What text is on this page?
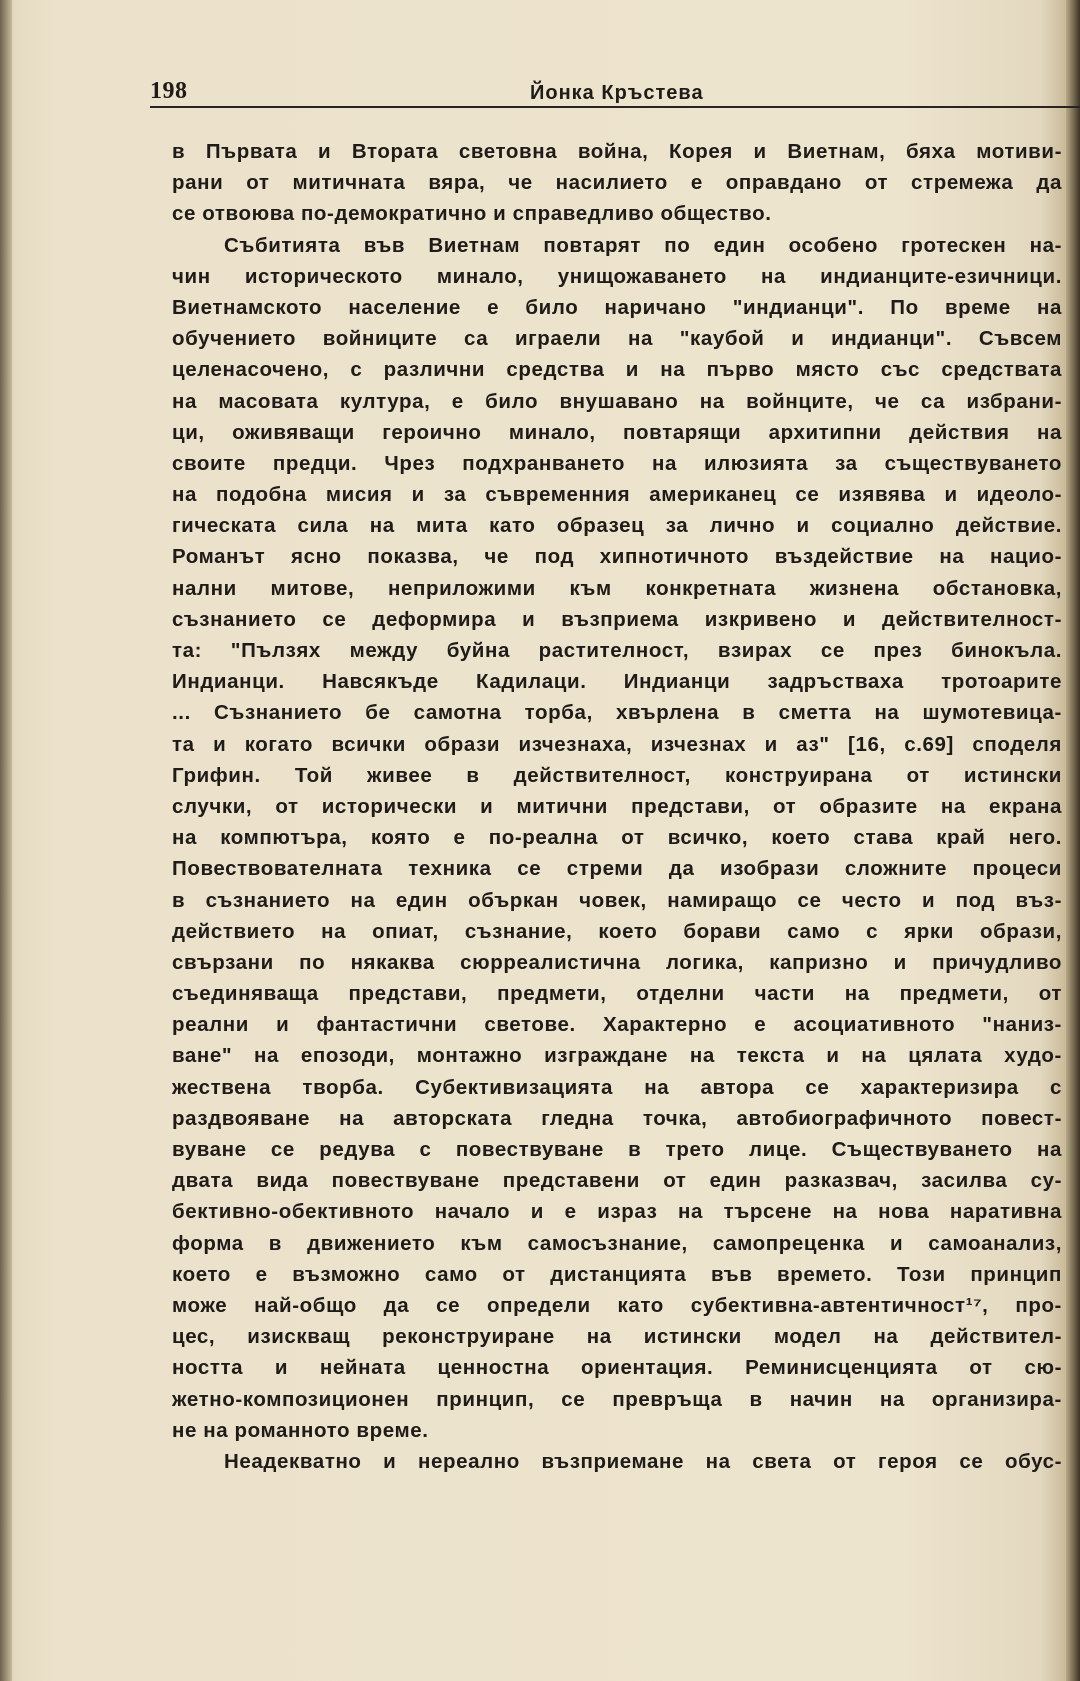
198	Йонка Кръстева
в Първата и Втората световна война, Корея и Виетнам, бяха мотиви-
рани от митичната вяра, че насилието е оправдано от стремежа да
се отвоюва по-демократично и справедливо общество.
Събитията във Виетнам повтарят по един особено гротескен на-
чин историческото минало, унищожаването на индианците-езичници.
Виетнамското население е било наричано "индианци". По време на
обучението войниците са играели на "каубой и индианци". Съвсем
целенасочено, с различни средства и на първо място със средствата
на масовата култура, е било внушавано на войнците, че са избрани-
ци, оживяващи героично минало, повтарящи архитипни действия на
своите предци. Чрез подхранването на илюзията за съществуването
на подобна мисия и за съвременния американец се изявява и идеоло-
гическата сила на мита като образец за лично и социално действие.
Романът ясно показва, че под хипнотичното въздействие на нацио-
нални митове, неприложими към конкретната жизнена обстановка,
съзнанието се деформира и възприема изкривено и действителност-
та: "Пълзях между буйна растителност, взирах се през бинокъла.
Индианци. Навсякъде Кадилаци. Индианци задръстваха тротоарите
... Съзнанието бе самотна торба, хвърлена в сметта на шумотевица-
та и когато всички образи изчезнаха, изчезнах и аз" [16, с.69] споделя
Грифин. Той живее в действителност, конструирана от истински
случки, от исторически и митични представи, от образите на екрана
на компютъра, която е по-реална от всичко, което става край него.
Повествователната техника се стреми да изобрази сложните процеси
в съзнанието на един объркан човек, намиращо се често и под въз-
действието на опиат, съзнание, което борави само с ярки образи,
свързани по някаква сюрреалистична логика, капризно и причудливо
съединяваща представи, предмети, отделни части на предмети, от
реални и фантастични светове. Характерно е асоциативното "наниз-
ване" на епозоди, монтажно изграждане на текста и на цялата худо-
жествена творба. Субективизацията на автора се характеризира с
раздвояване на авторската гледна точка, автобиографичното повест-
вуване се редува с повествуване в трето лице. Съществуването на
двата вида повествуване представени от един разказвач, засилва су-
бективно-обективното начало и е израз на търсене на нова наративна
форма в движението към самосъзнание, самопреценка и самоанализ,
което е възможно само от дистанцията във времето. Този принцип
може най-общо да се определи като субективна-автентичност¹⁷, про-
цес, изискващ реконструиране на истински модел на действител-
ността и нейната ценностна ориентация. Реминисценцията от сю-
жетно-композиционен принцип, се превръща в начин на организира-
не на романното време.
Неадекватно и нереално възприемане на света от героя се обус-
